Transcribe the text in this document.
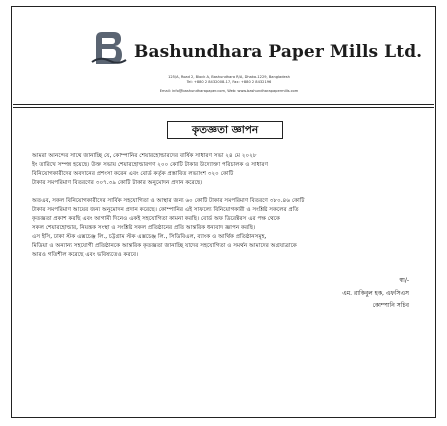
Bashundhara Paper Mills Ltd.
125/A, Road 2, Block A, Bashundhara R/A, Dhaka-1229, Bangladesh
Tel: +880 2 8432008-17, Fax: +880 2 8432196
Email: info@bashundharapaper.com, Web: www.bashundharapapermills.com
কৃতজ্ঞতা জ্ঞাপন
আমরা আনন্দের সাথে জানাচ্ছি যে, কোম্পানির শেয়ারহোল্ডারদের বার্ষিক সাধারণ সভা ২৪ মে ২০২৮
ইং তারিখে সম্পন্ন হয়েছে। উক্ত সভায় শেয়ারহোল্ডারগণ ২০০ কোটি টাকার উদ্যোক্তা পরিচালক ও সাধারণ
বিনিয়োগকারীদের অবদানের প্রশংসা করেন এবং বোর্ড কর্তৃক প্রস্তাবিত লভ্যাংশ ৩২০ কোটি
টাকার সমপরিমাণ বিতরণের ৩০৭.৩৯ কোটি টাকার অনুমোদন প্রদান করেছে।
অতএব, সকল বিনিয়োগকারীদের সার্বিক সহযোগিতা ও আস্থার জন্য ৬০ কোটি টাকার সমপরিমাণ বিতরণে ৩৮০.৪৬ কোটি
টাকার সমপরিমাণ আয়ের জন্য অনুমোদন প্রদান করেছে। কোম্পানির এই সাফল্যে বিনিয়োগকারী ও সংশ্লিষ্ট সকলের প্রতি
কৃতজ্ঞতা প্রকাশ করছি এবং আগামী দিনেও একই সহযোগিতা কামনা করছি। বোর্ড অফ ডিরেক্টরস এর পক্ষ থেকে
সকল শেয়ারহোল্ডার, নিয়ন্ত্রক সংস্থা ও সংশ্লিষ্ট সকল প্রতিষ্ঠানের প্রতি আন্তরিক ধন্যবাদ জ্ঞাপন করছি।
এস ইসি, ঢাকা স্টক এক্সচেঞ্জ লি., চট্টগ্রাম স্টক এক্সচেঞ্জ লি., সিডিবিএল, ব্যাংক ও আর্থিক প্রতিষ্ঠানসমূহ,
মিডিয়া ও অন্যান্য সহযোগী প্রতিষ্ঠানকে আন্তরিক কৃতজ্ঞতা জানাচ্ছি যাদের সহযোগিতা ও সমর্থন আমাদের অগ্রযাত্রাকে
আরও গতিশীল করেছে এবং ভবিষ্যতেও করবে।
স্বা/-
এম. রাকিবুল হক, এফসিএস
কোম্পানি সচিব
